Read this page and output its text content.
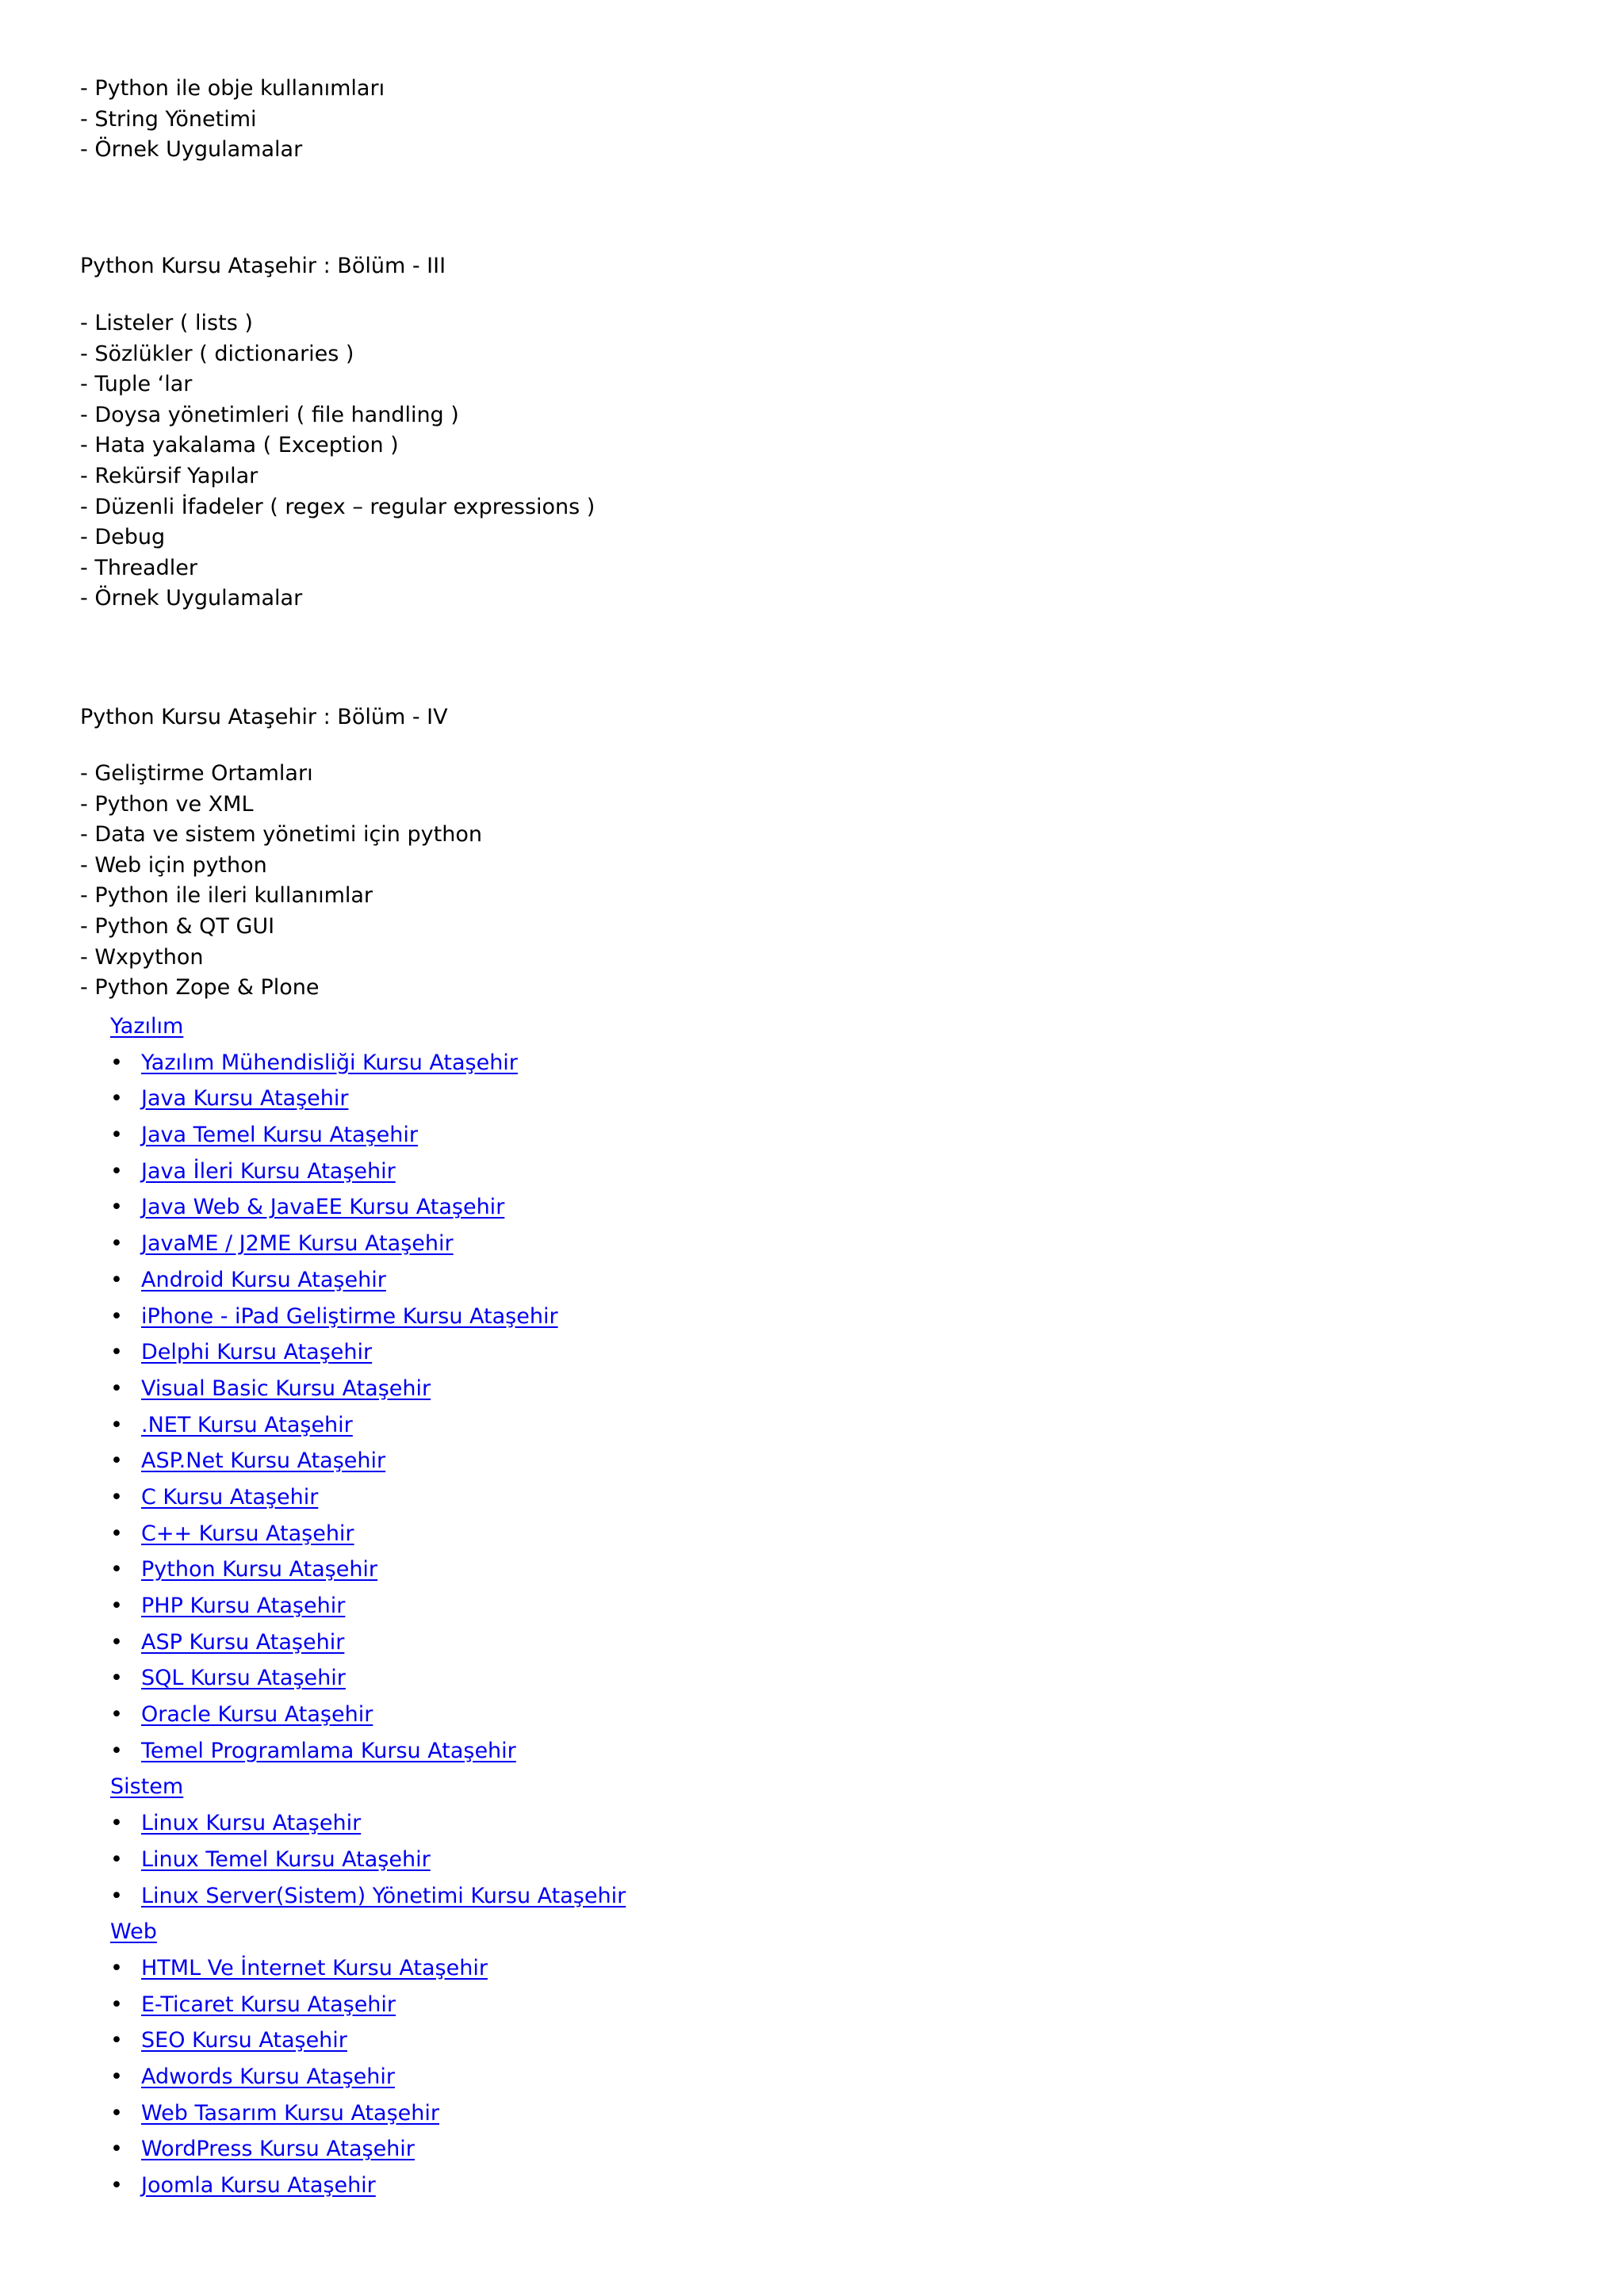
- Python ile obje kullanımları

- String Yönetimi

- Örnek Uygulamalar

Python Kursu Ataşehir : Bölüm - III

- Listeler ( lists )

- Sözlükler ( dictionaries )

- Tuple ‘lar

- Doysa yönetimleri ( file handling )

- Hata yakalama ( Exception )

- Rekürsif Yapılar

- Düzenli İfadeler ( regex – regular expressions )

- Debug

- Threadler

- Örnek Uygulamalar

Python Kursu Ataşehir : Bölüm - IV

- Geliştirme Ortamları

- Python ve XML

- Data ve sistem yönetimi için python

- Web için python

- Python ile ileri kullanımlar

- Python & QT GUI

- Wxpython

- Python Zope & Plone

Yazılım
• Yazılım Mühendisliği Kursu Ataşehir
• Java Kursu Ataşehir
• Java Temel Kursu Ataşehir
• Java İleri Kursu Ataşehir
• Java Web & JavaEE Kursu Ataşehir
• JavaME / J2ME Kursu Ataşehir
• Android Kursu Ataşehir
• iPhone - iPad Geliştirme Kursu Ataşehir
• Delphi Kursu Ataşehir
• Visual Basic Kursu Ataşehir
• .NET Kursu Ataşehir
• ASP.Net Kursu Ataşehir
• C Kursu Ataşehir
• C++ Kursu Ataşehir
• Python Kursu Ataşehir
• PHP Kursu Ataşehir
• ASP Kursu Ataşehir
• SQL Kursu Ataşehir
• Oracle Kursu Ataşehir
• Temel Programlama Kursu Ataşehir
Sistem
• Linux Kursu Ataşehir
• Linux Temel Kursu Ataşehir
• Linux Server(Sistem) Yönetimi Kursu Ataşehir
Web
• HTML Ve İnternet Kursu Ataşehir
• E-Ticaret Kursu Ataşehir
• SEO Kursu Ataşehir
• Adwords Kursu Ataşehir
• Web Tasarım Kursu Ataşehir
• WordPress Kursu Ataşehir
• Joomla Kursu Ataşehir
